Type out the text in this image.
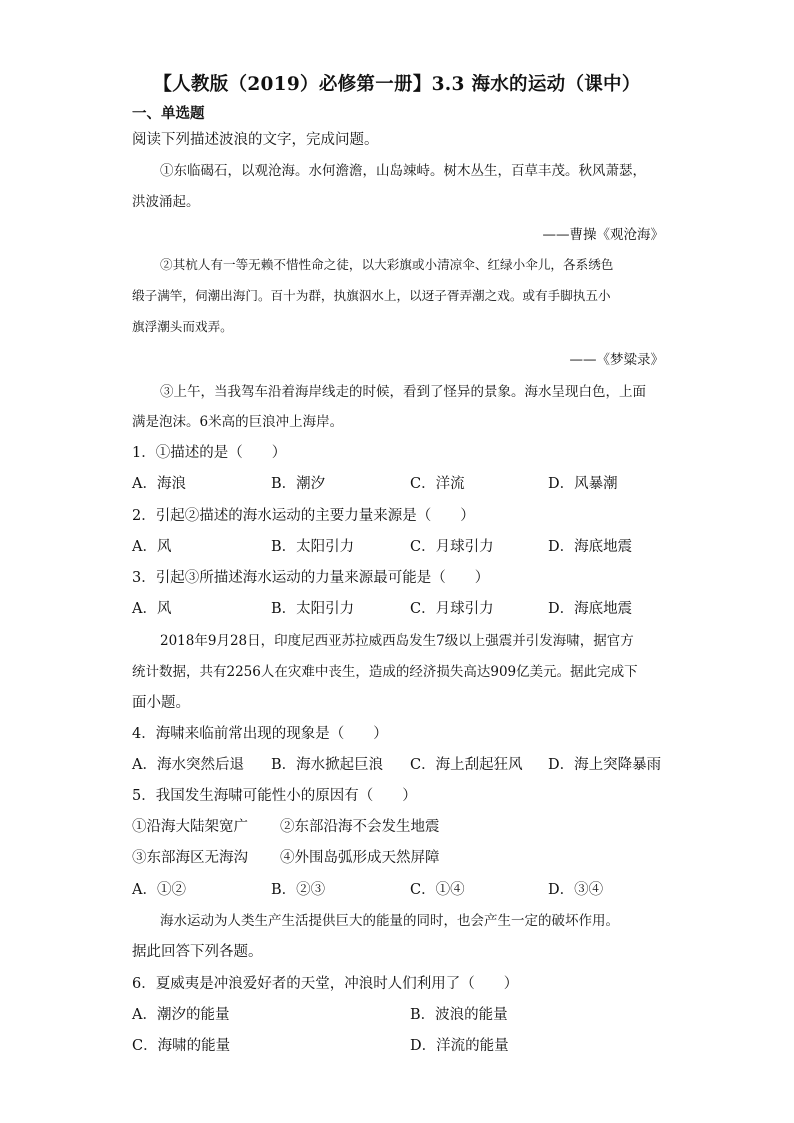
【人教版（2019）必修第一册】3.3 海水的运动（课中）
一、单选题
阅读下列描述波浪的文字，完成问题。
①东临碣石，以观沧海。水何澹澹，山岛竦峙。树木丛生，百草丰茂。秋风萧瑟，
洪波涌起。
——曹操《观沧海》
②其杭人有一等无赖不惜性命之徒，以大彩旗或小清凉伞、红绿小伞儿，各系绣色
缎子满竿，伺潮出海门。百十为群，执旗泅水上，以迓子胥弄潮之戏。或有手脚执五小
旗浮潮头而戏弄。
——《梦粱录》
③上午，当我驾车沿着海岸线走的时候，看到了怪异的景象。海水呈现白色，上面
满是泡沫。6米高的巨浪冲上海岸。
1．①描述的是（　　）
A．海浪	B．潮汐	C．洋流	D．风暴潮
2．引起②描述的海水运动的主要力量来源是（　　）
A．风	B．太阳引力	C．月球引力	D．海底地震
3．引起③所描述海水运动的力量来源最可能是（　　）
A．风	B．太阳引力	C．月球引力	D．海底地震
2018年9月28日，印度尼西亚苏拉威西岛发生7级以上强震并引发海啸，据官方
统计数据，共有2256人在灾难中丧生，造成的经济损失高达909亿美元。据此完成下
面小题。
4．海啸来临前常出现的现象是（　　）
A．海水突然后退 B．海水掀起巨浪 C．海上刮起狂风 D．海上突降暴雨
5．我国发生海啸可能性小的原因有（　　）
①沿海大陆架宽广 ②东部沿海不会发生地震
③东部海区无海沟 ④外围岛弧形成天然屏障
A．①②	B．②③	C．①④	D．③④
海水运动为人类生产生活提供巨大的能量的同时，也会产生一定的破坏作用。
据此回答下列各题。
6．夏威夷是冲浪爱好者的天堂，冲浪时人们利用了（　　）
A．潮汐的能量	B．波浪的能量
C．海啸的能量	D．洋流的能量
